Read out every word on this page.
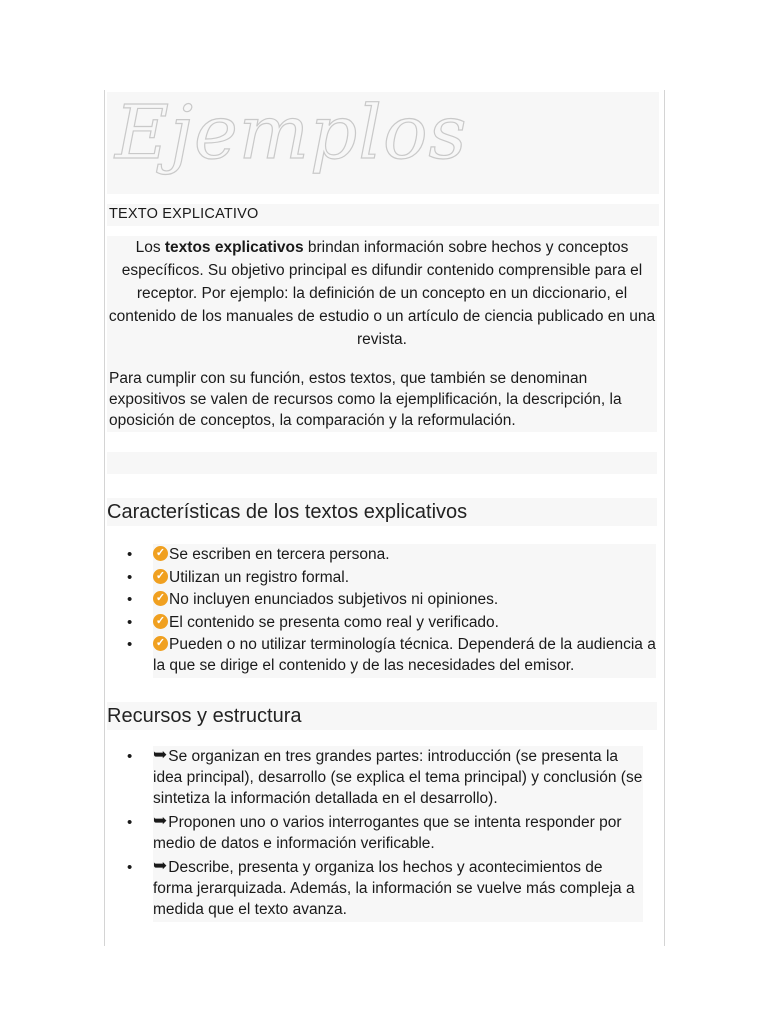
Ejemplos
TEXTO EXPLICATIVO
Los textos explicativos brindan información sobre hechos y conceptos específicos. Su objetivo principal es difundir contenido comprensible para el receptor. Por ejemplo: la definición de un concepto en un diccionario, el contenido de los manuales de estudio o un artículo de ciencia publicado en una revista.
Para cumplir con su función, estos textos, que también se denominan expositivos se valen de recursos como la ejemplificación, la descripción, la oposición de conceptos, la comparación y la reformulación.
Características de los textos explicativos
• ✓ Se escriben en tercera persona.
• ✓ Utilizan un registro formal.
• ✓ No incluyen enunciados subjetivos ni opiniones.
• ✓ El contenido se presenta como real y verificado.
• ✓ Pueden o no utilizar terminología técnica. Dependerá de la audiencia a la que se dirige el contenido y de las necesidades del emisor.
Recursos y estructura
• ➥Se organizan en tres grandes partes: introducción (se presenta la idea principal), desarrollo (se explica el tema principal) y conclusión (se sintetiza la información detallada en el desarrollo).
• ➥Proponen uno o varios interrogantes que se intenta responder por medio de datos e información verificable.
• ➥Describe, presenta y organiza los hechos y acontecimientos de forma jerarquizada. Además, la información se vuelve más compleja a medida que el texto avanza.
